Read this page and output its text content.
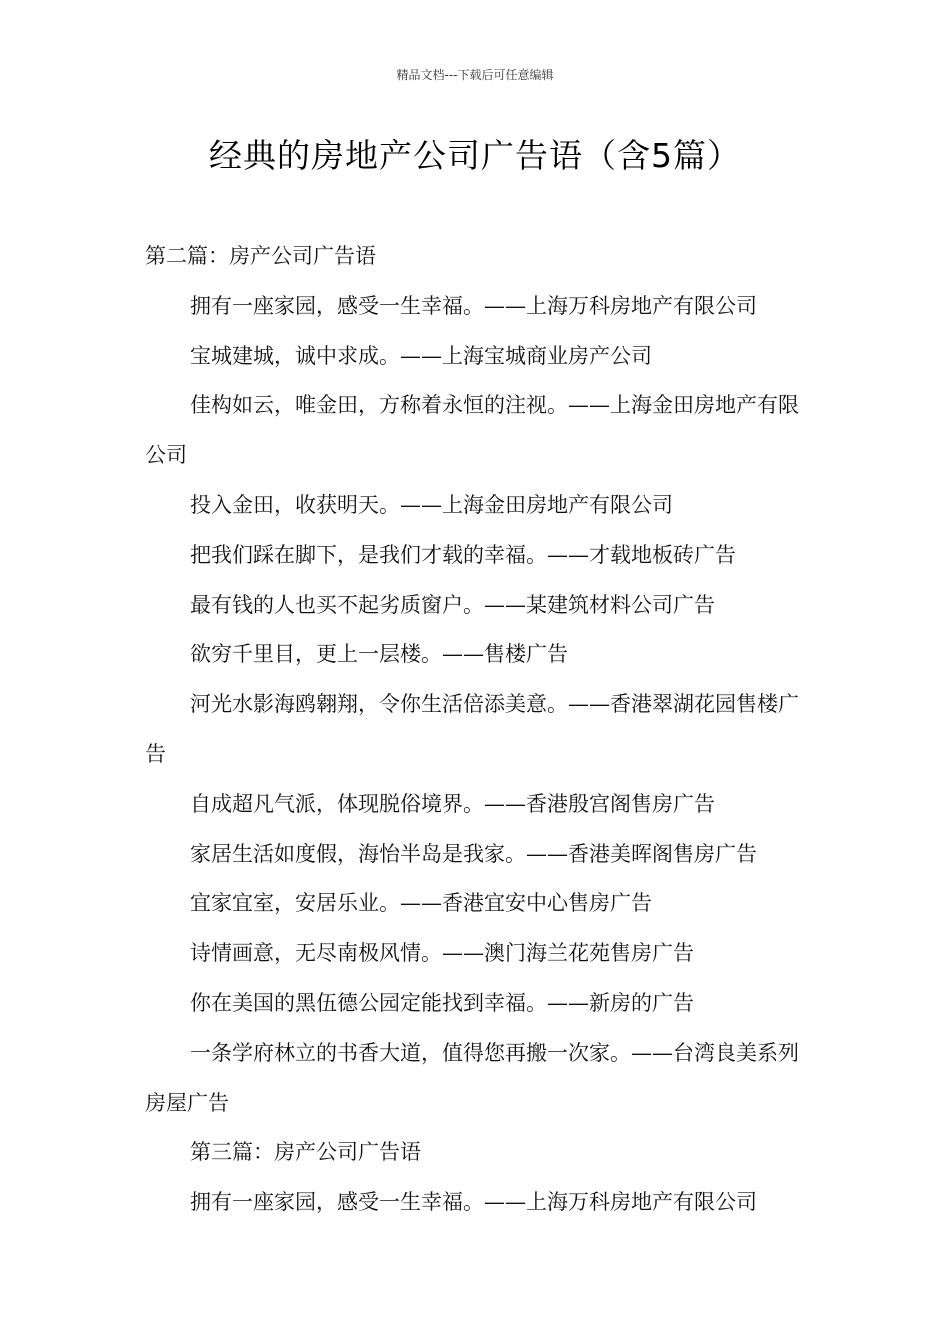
精品文档---下载后可任意编辑
经典的房地产公司广告语（含5篇）

第二篇：房产公司广告语

拥有一座家园，感受一生幸福。——上海万科房地产有限公司

宝城建城，诚中求成。——上海宝城商业房产公司

佳构如云，唯金田，方称着永恒的注视。——上海金田房地产有限公司

投入金田，收获明天。——上海金田房地产有限公司

把我们踩在脚下，是我们才载的幸福。——才载地板砖广告

最有钱的人也买不起劣质窗户。——某建筑材料公司广告

欲穷千里目，更上一层楼。——售楼广告

河光水影海鸥翱翔，令你生活倍添美意。——香港翠湖花园售楼广告

自成超凡气派，体现脱俗境界。——香港殷宫阁售房广告

家居生活如度假，海怡半岛是我家。——香港美晖阁售房广告

宜家宜室，安居乐业。——香港宜安中心售房广告

诗情画意，无尽南极风情。——澳门海兰花苑售房广告

你在美国的黑伍德公园定能找到幸福。——新房的广告

一条学府林立的书香大道，值得您再搬一次家。——台湾良美系列房屋广告

第三篇：房产公司广告语

拥有一座家园，感受一生幸福。——上海万科房地产有限公司
